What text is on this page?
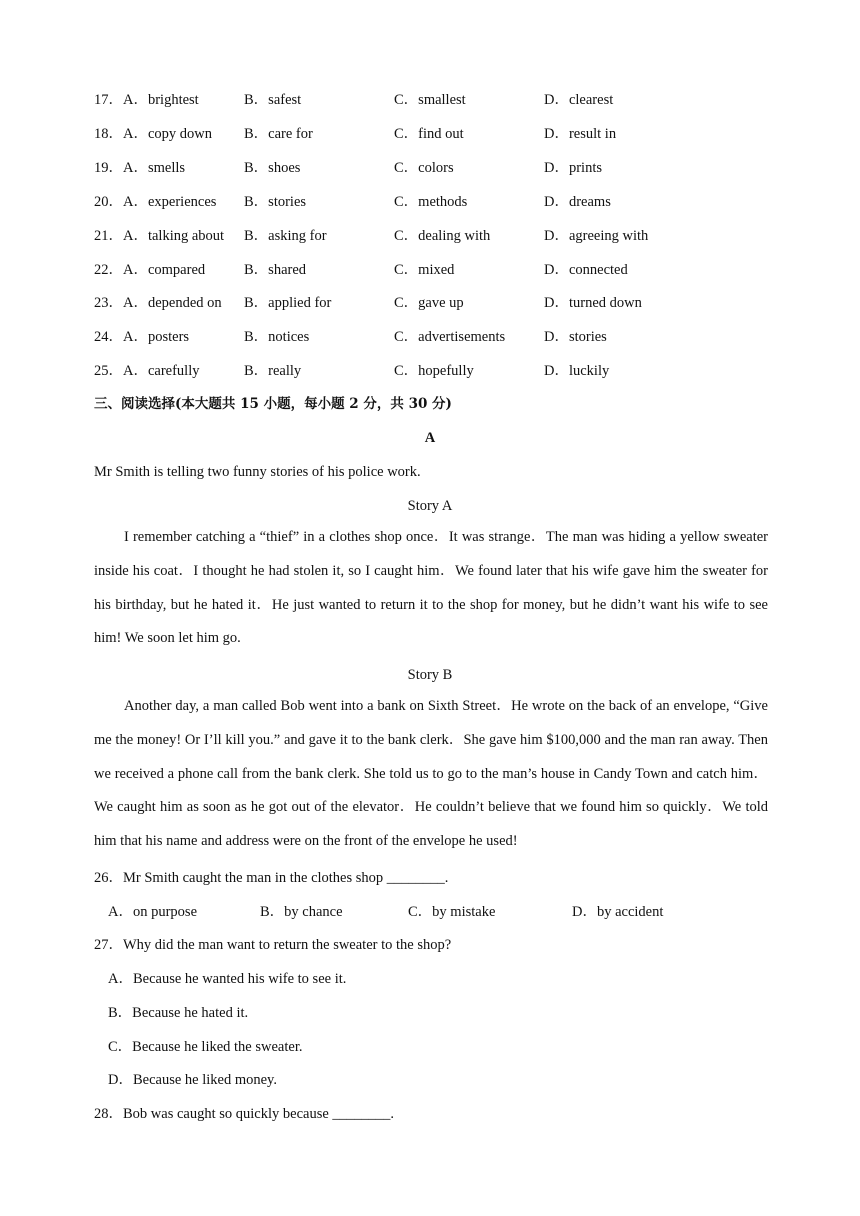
17．A．brightest	B．safest	C．smallest	D．clearest
18．A．copy down B．care for	C．find out	D．result in
19．A．smells	B．shoes	C．colors	D．prints
20．A．experiences B．stories	C．methods	D．dreams
21．A．talking about B．asking for	C．dealing with	D．agreeing with
22．A．compared	B．shared	C．mixed	D．connected
23．A．depended on B．applied for	C．gave up	D．turned down
24．A．posters	B．notices	C．advertisements	D．stories
25．A．carefully	B．really	C．hopefully	D．luckily
三、阅读选择(本大题共 15 小题，每小题 2 分，共 30 分)
A
Mr Smith is telling two funny stories of his police work.
Story A
I remember catching a “thief” in a clothes shop once．It was strange．The man was hiding a yellow sweater inside his coat．I thought he had stolen it, so I caught him．We found later that his wife gave him the sweater for his birthday, but he hated it．He just wanted to return it to the shop for money, but he didn’t want his wife to see him! We soon let him go.
Story B
Another day, a man called Bob went into a bank on Sixth Street．He wrote on the back of an envelope, “Give me the money! Or I’ll kill you.” and gave it to the bank clerk．She gave him $100,000 and the man ran away. Then we received a phone call from the bank clerk. She told us to go to the man’s house in Candy Town and catch him．We caught him as soon as he got out of the elevator．He couldn’t believe that we found him so quickly．We told him that his name and address were on the front of the envelope he used!
26．Mr Smith caught the man in the clothes shop ________.
A．on purpose	B．by chance	C．by mistake	D．by accident
27．Why did the man want to return the sweater to the shop?
A．Because he wanted his wife to see it.
B．Because he hated it.
C．Because he liked the sweater.
D．Because he liked money.
28．Bob was caught so quickly because ________.
